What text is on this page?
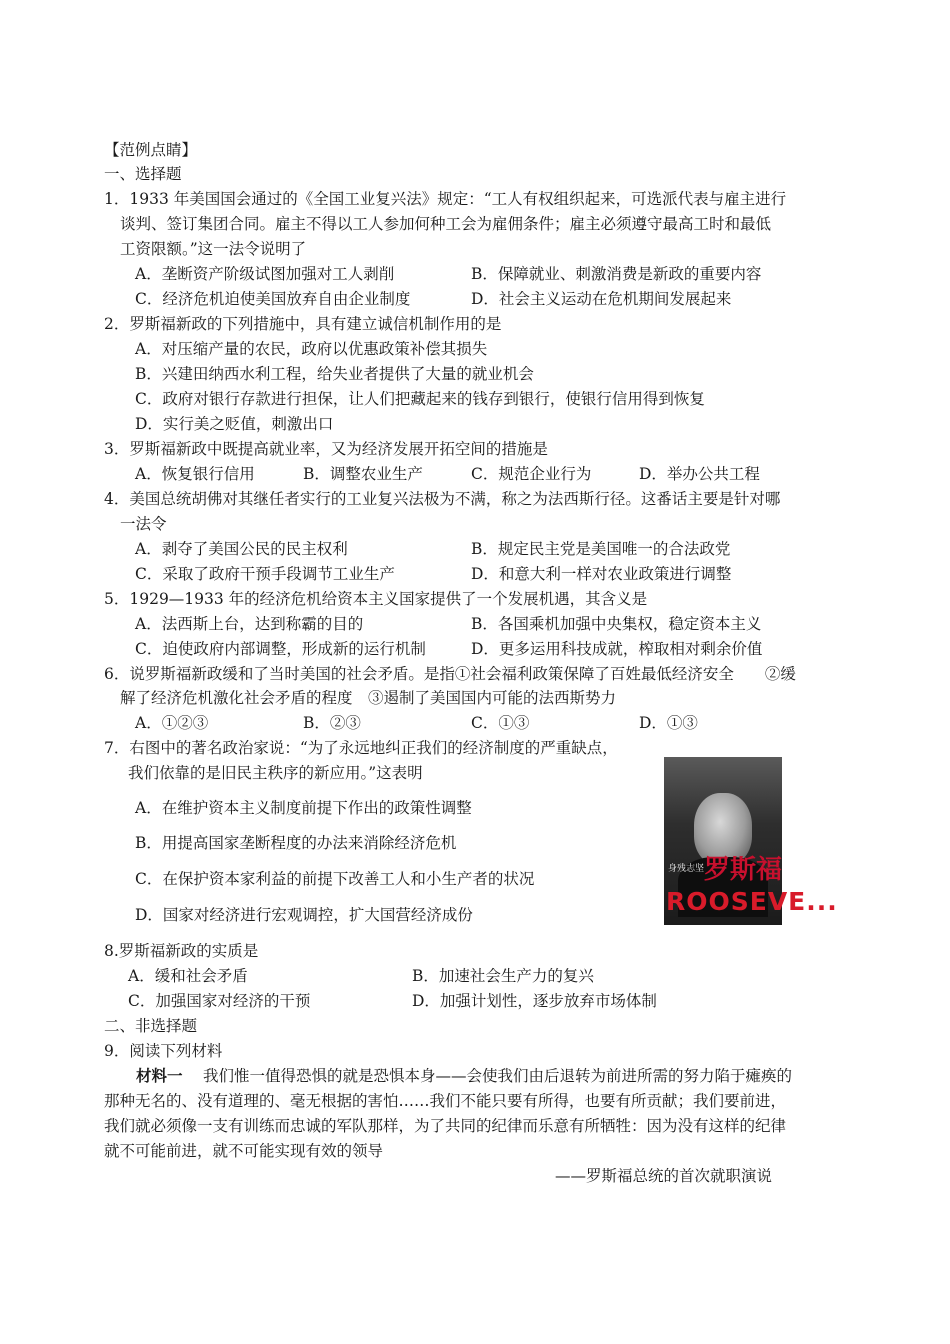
【范例点睛】
一、选择题
1．1933 年美国国会通过的《全国工业复兴法》规定：“工人有权组织起来，可选派代表与雇主进行
谈判、签订集团合同。雇主不得以工人参加何种工会为雇佣条件；雇主必须遵守最高工时和最低
工资限额。”这一法令说明了
A．垄断资产阶级试图加强对工人剥削	B．保障就业、刺激消费是新政的重要内容
C．经济危机迫使美国放弃自由企业制度	D．社会主义运动在危机期间发展起来
2．罗斯福新政的下列措施中，具有建立诚信机制作用的是
A．对压缩产量的农民，政府以优惠政策补偿其损失
B．兴建田纳西水利工程，给失业者提供了大量的就业机会
C．政府对银行存款进行担保，让人们把藏起来的钱存到银行，使银行信用得到恢复
D．实行美之贬值，刺激出口
3．罗斯福新政中既提高就业率，又为经济发展开拓空间的措施是
A．恢复银行信用	B．调整农业生产	C．规范企业行为	D．举办公共工程
4．美国总统胡佛对其继任者实行的工业复兴法极为不满，称之为法西斯行径。这番话主要是针对哪
一法令
A．剥夺了美国公民的民主权利	B．规定民主党是美国唯一的合法政党
C．采取了政府干预手段调节工业生产	D．和意大利一样对农业政策进行调整
5．1929—1933 年的经济危机给资本主义国家提供了一个发展机遇，其含义是
A．法西斯上台，达到称霸的目的	B．各国乘机加强中央集权，稳定资本主义
C．迫使政府内部调整，形成新的运行机制	D．更多运用科技成就，榨取相对剩余价值
6．说罗斯福新政缓和了当时美国的社会矛盾。是指①社会福利政策保障了百姓最低经济安全　　②缓
解了经济危机激化社会矛盾的程度　③遏制了美国国内可能的法西斯势力
A．①②③	B．②③	C．①③	D．①③
7．右图中的著名政治家说：“为了永远地纠正我们的经济制度的严重缺点，
我们依靠的是旧民主秩序的新应用。”这表明
A．在维护资本主义制度前提下作出的政策性调整
B．用提高国家垄断程度的办法来消除经济危机
C．在保护资本家利益的前提下改善工人和小生产者的状况
D．国家对经济进行宏观调控，扩大国营经济成份
身残志坚 罗斯福
ROOSEVE...
8.罗斯福新政的实质是
A．缓和社会矛盾	B．加速社会生产力的复兴
C．加强国家对经济的干预	D．加强计划性，逐步放弃市场体制
二、非选择题
9．阅读下列材料
材料一 我们惟一值得恐惧的就是恐惧本身——会使我们由后退转为前进所需的努力陷于瘫痪的
那种无名的、没有道理的、毫无根据的害怕……我们不能只要有所得，也要有所贡献；我们要前进，
我们就必须像一支有训练而忠诚的军队那样，为了共同的纪律而乐意有所牺牲：因为没有这样的纪律
就不可能前进，就不可能实现有效的领导
——罗斯福总统的首次就职演说
